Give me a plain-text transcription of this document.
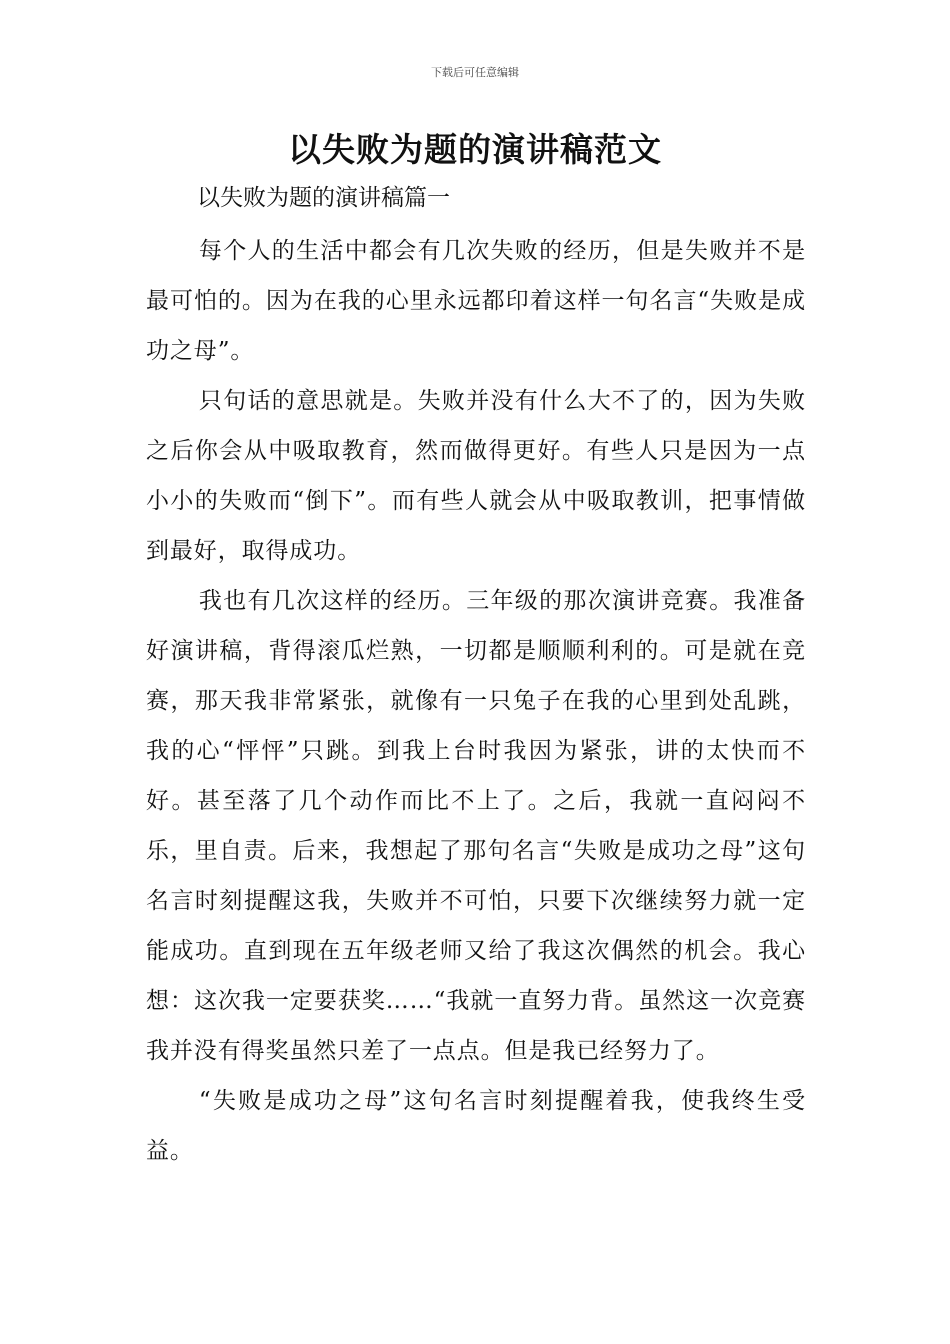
下载后可任意编辑
以失败为题的演讲稿范文

以失败为题的演讲稿篇一

每个人的生活中都会有几次失败的经历，但是失败并不是最可怕的。因为在我的心里永远都印着这样一句名言“失败是成功之母”。

只句话的意思就是。失败并没有什么大不了的，因为失败之后你会从中吸取教育，然而做得更好。有些人只是因为一点小小的失败而“倒下”。而有些人就会从中吸取教训，把事情做到最好，取得成功。

我也有几次这样的经历。三年级的那次演讲竞赛。我准备好演讲稿，背得滚瓜烂熟，一切都是顺顺利利的。可是就在竞赛，那天我非常紧张，就像有一只兔子在我的心里到处乱跳，我的心“怦怦”只跳。到我上台时我因为紧张，讲的太快而不好。甚至落了几个动作而比不上了。之后，我就一直闷闷不乐，里自责。后来，我想起了那句名言“失败是成功之母”这句名言时刻提醒这我，失败并不可怕，只要下次继续努力就一定能成功。直到现在五年级老师又给了我这次偶然的机会。我心想：这次我一定要获奖……“我就一直努力背。虽然这一次竞赛我并没有得奖虽然只差了一点点。但是我已经努力了。

“失败是成功之母”这句名言时刻提醒着我，使我终生受益。
